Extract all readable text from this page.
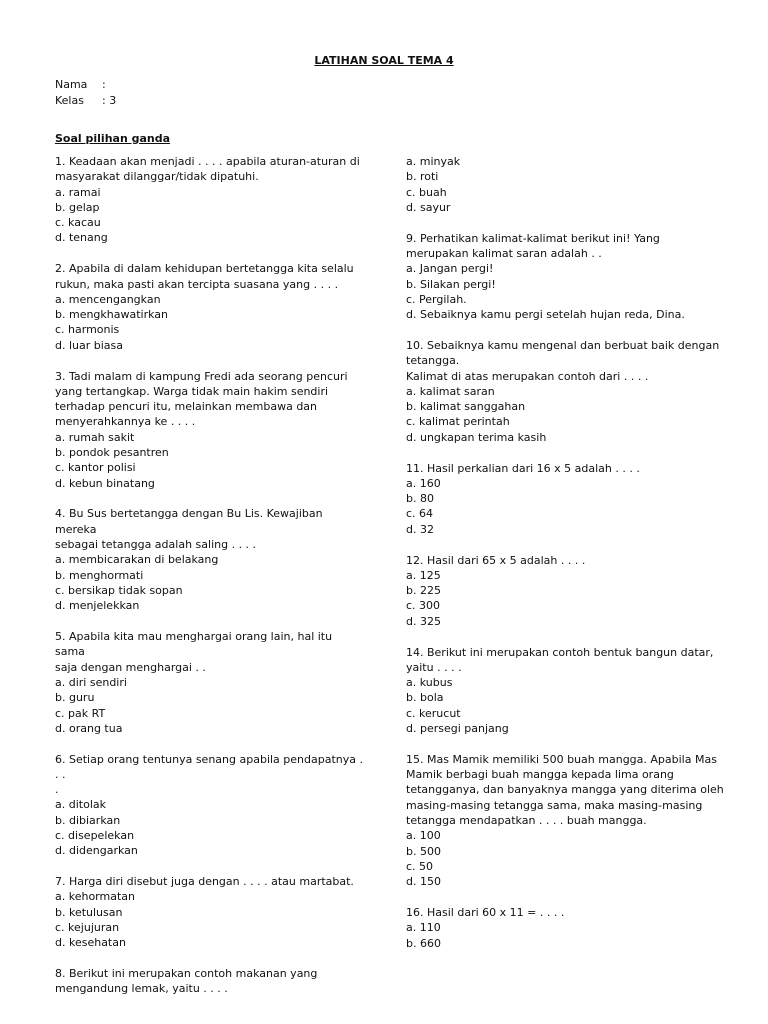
LATIHAN SOAL TEMA 4
Nama	:
Kelas	: 3
Soal pilihan ganda
1. Keadaan akan menjadi . . . . apabila aturan-aturan di
masyarakat dilanggar/tidak dipatuhi.
a. ramai
b. gelap
c. kacau
d. tenang
2. Apabila di dalam kehidupan bertetangga kita selalu
rukun, maka pasti akan tercipta suasana yang . . . .
a. mencengangkan
b. mengkhawatirkan
c. harmonis
d. luar biasa
3. Tadi malam di kampung Fredi ada seorang pencuri
yang tertangkap. Warga tidak main hakim sendiri
terhadap pencuri itu, melainkan membawa dan
menyerahkannya ke . . . .
a. rumah sakit
b. pondok pesantren
c. kantor polisi
d. kebun binatang
4. Bu Sus bertetangga dengan Bu Lis. Kewajiban mereka
sebagai tetangga adalah saling . . . .
a. membicarakan di belakang
b. menghormati
c. bersikap tidak sopan
d. menjelekkan
5. Apabila kita mau menghargai orang lain, hal itu sama
saja dengan menghargai . .
a. diri sendiri
b. guru
c. pak RT
d. orang tua
6. Setiap orang tentunya senang apabila pendapatnya . . .
.
a. ditolak
b. dibiarkan
c. disepelekan
d. didengarkan
7. Harga diri disebut juga dengan . . . . atau martabat.
a. kehormatan
b. ketulusan
c. kejujuran
d. kesehatan
8. Berikut ini merupakan contoh makanan yang
mengandung lemak, yaitu . . . .
a. minyak
b. roti
c. buah
d. sayur
9. Perhatikan kalimat-kalimat berikut ini! Yang
merupakan kalimat saran adalah . .
a. Jangan pergi!
b. Silakan pergi!
c. Pergilah.
d. Sebaiknya kamu pergi setelah hujan reda, Dina.
10. Sebaiknya kamu mengenal dan berbuat baik dengan
tetangga.
Kalimat di atas merupakan contoh dari . . . .
a. kalimat saran
b. kalimat sanggahan
c. kalimat perintah
d. ungkapan terima kasih
11. Hasil perkalian dari 16 x 5 adalah . . . .
a. 160
b. 80
c. 64
d. 32
12. Hasil dari 65 x 5 adalah . . . .
a. 125
b. 225
c. 300
d. 325
14. Berikut ini merupakan contoh bentuk bangun datar,
yaitu . . . .
a. kubus
b. bola
c. kerucut
d. persegi panjang
15. Mas Mamik memiliki 500 buah mangga. Apabila Mas
Mamik berbagi buah mangga kepada lima orang
tetangganya, dan banyaknya mangga yang diterima oleh
masing-masing tetangga sama, maka masing-masing
tetangga mendapatkan . . . . buah mangga.
a. 100
b. 500
c. 50
d. 150
16. Hasil dari 60 x 11 = . . . .
a. 110
b. 660
